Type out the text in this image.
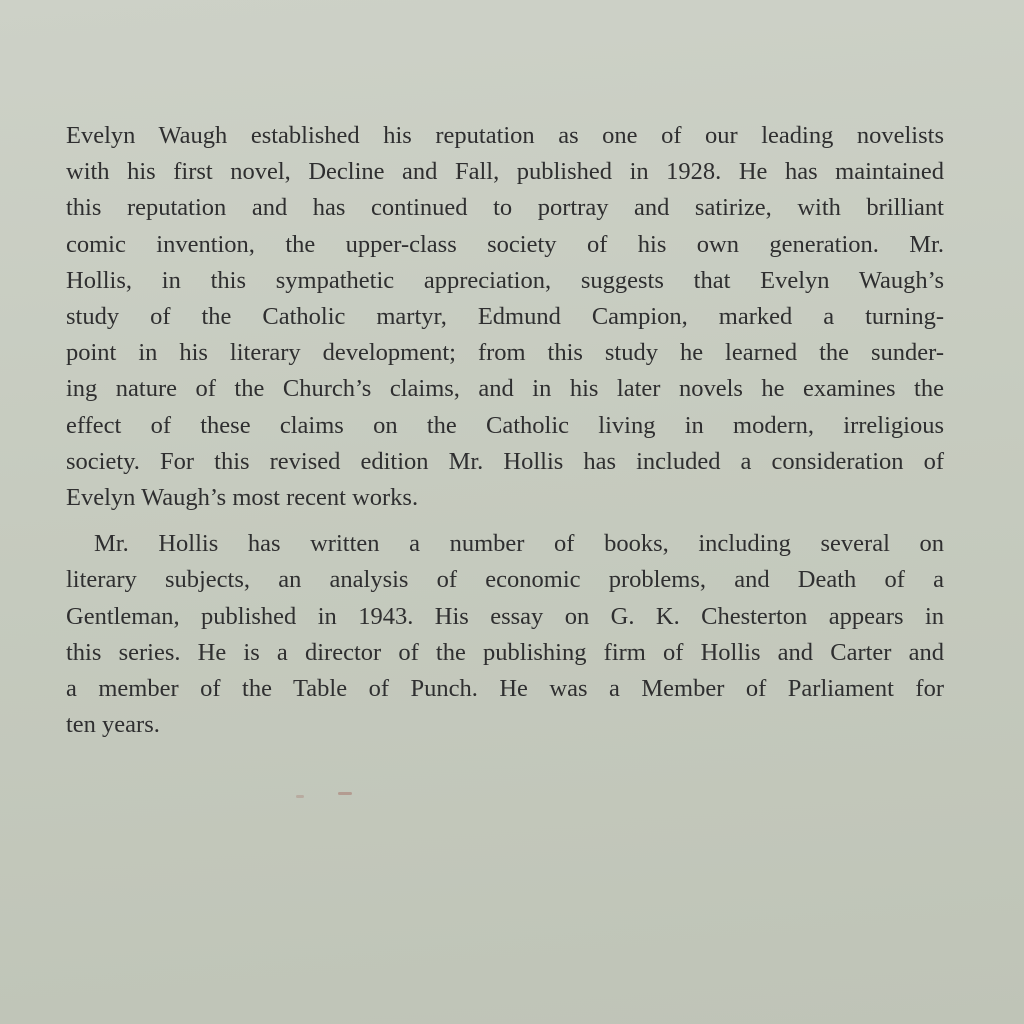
Evelyn Waugh established his reputation as one of our leading novelists
with his first novel, Decline and Fall, published in 1928. He has maintained
this reputation and has continued to portray and satirize, with brilliant
comic invention, the upper-class society of his own generation. Mr.
Hollis, in this sympathetic appreciation, suggests that Evelyn Waugh’s
study of the Catholic martyr, Edmund Campion, marked a turning-
point in his literary development; from this study he learned the sunder-
ing nature of the Church’s claims, and in his later novels he examines the
effect of these claims on the Catholic living in modern, irreligious
society. For this revised edition Mr. Hollis has included a consideration of
Evelyn Waugh’s most recent works.
Mr. Hollis has written a number of books, including several on
literary subjects, an analysis of economic problems, and Death of a
Gentleman, published in 1943. His essay on G. K. Chesterton appears in
this series. He is a director of the publishing firm of Hollis and Carter and
a member of the Table of Punch. He was a Member of Parliament for
ten years.
